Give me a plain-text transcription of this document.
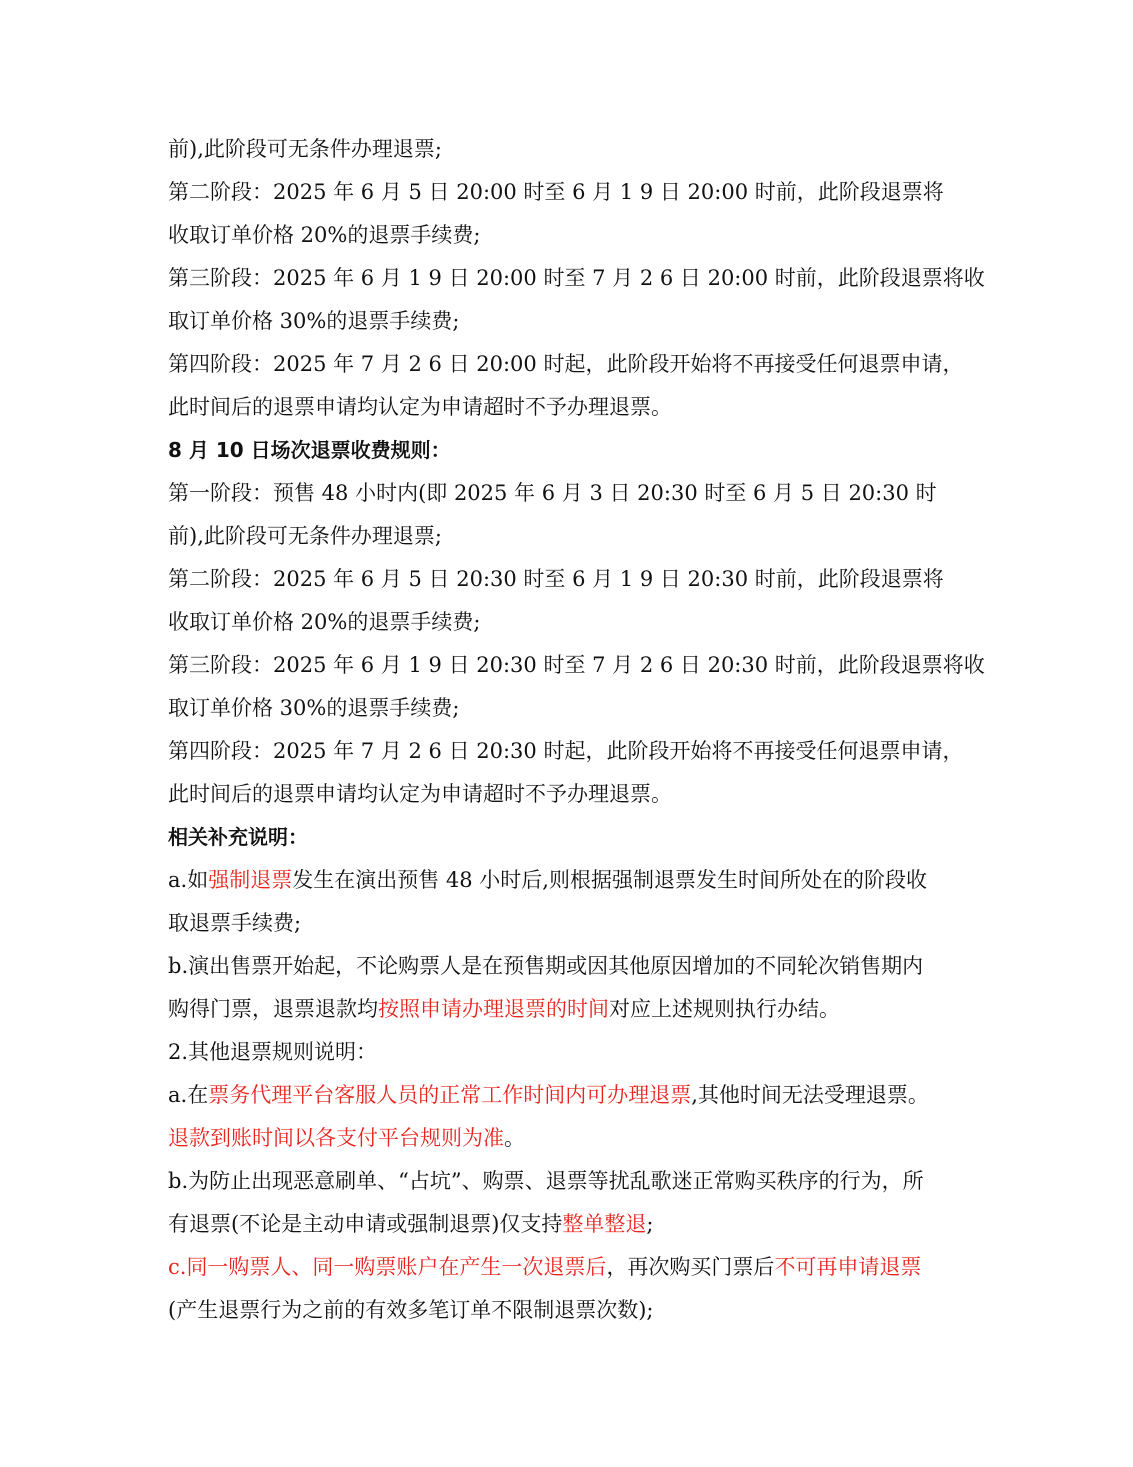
前),此阶段可无条件办理退票;
第二阶段：2025 年 6 月 5 日 20:00 时至 6 月 1 9 日 20:00 时前，此阶段退票将
收取订单价格 20%的退票手续费;
第三阶段：2025 年 6 月 1 9 日 20:00 时至 7 月 2 6 日 20:00 时前，此阶段退票将收
取订单价格 30%的退票手续费;
第四阶段：2025 年 7 月 2 6 日 20:00 时起，此阶段开始将不再接受任何退票申请，
此时间后的退票申请均认定为申请超时不予办理退票。
8 月 10 日场次退票收费规则：
第一阶段：预售 48 小时内(即 2025 年 6 月 3 日 20:30 时至 6 月 5 日 20:30 时
前),此阶段可无条件办理退票;
第二阶段：2025 年 6 月 5 日 20:30 时至 6 月 1 9 日 20:30 时前，此阶段退票将
收取订单价格 20%的退票手续费;
第三阶段：2025 年 6 月 1 9 日 20:30 时至 7 月 2 6 日 20:30 时前，此阶段退票将收
取订单价格 30%的退票手续费;
第四阶段：2025 年 7 月 2 6 日 20:30 时起，此阶段开始将不再接受任何退票申请，
此时间后的退票申请均认定为申请超时不予办理退票。
相关补充说明：
a.如强制退票发生在演出预售 48 小时后,则根据强制退票发生时间所处在的阶段收
取退票手续费;
b.演出售票开始起，不论购票人是在预售期或因其他原因增加的不同轮次销售期内
购得门票，退票退款均按照申请办理退票的时间对应上述规则执行办结。
2.其他退票规则说明：
a.在票务代理平台客服人员的正常工作时间内可办理退票,其他时间无法受理退票。
退款到账时间以各支付平台规则为准。
b.为防止出现恶意刷单、“占坑”、购票、退票等扰乱歌迷正常购买秩序的行为，所
有退票(不论是主动申请或强制退票)仅支持整单整退;
c.同一购票人、同一购票账户在产生一次退票后，再次购买门票后不可再申请退票
(产生退票行为之前的有效多笔订单不限制退票次数);
